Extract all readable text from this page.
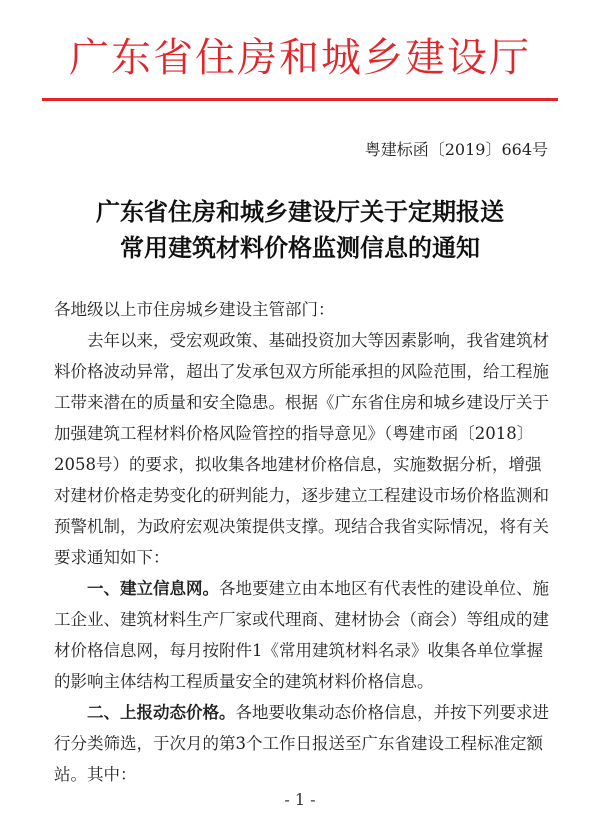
广东省住房和城乡建设厅
粤建标函〔2019〕664号
广东省住房和城乡建设厅关于定期报送
常用建筑材料价格监测信息的通知

各地级以上市住房城乡建设主管部门：

去年以来，受宏观政策、基础投资加大等因素影响，我省建筑材料价格波动异常，超出了发承包双方所能承担的风险范围，给工程施工带来潜在的质量和安全隐患。根据《广东省住房和城乡建设厅关于加强建筑工程材料价格风险管控的指导意见》（粤建市函〔2018〕2058号）的要求，拟收集各地建材价格信息，实施数据分析，增强对建材价格走势变化的研判能力，逐步建立工程建设市场价格监测和预警机制，为政府宏观决策提供支撑。现结合我省实际情况，将有关要求通知如下：

一、建立信息网。各地要建立由本地区有代表性的建设单位、施工企业、建筑材料生产厂家或代理商、建材协会（商会）等组成的建材价格信息网，每月按附件1《常用建筑材料名录》收集各单位掌握的影响主体结构工程质量安全的建筑材料价格信息。

二、上报动态价格。各地要收集动态价格信息，并按下列要求进行分类筛选，于次月的第3个工作日报送至广东省建设工程标准定额站。其中：

- 1 -
